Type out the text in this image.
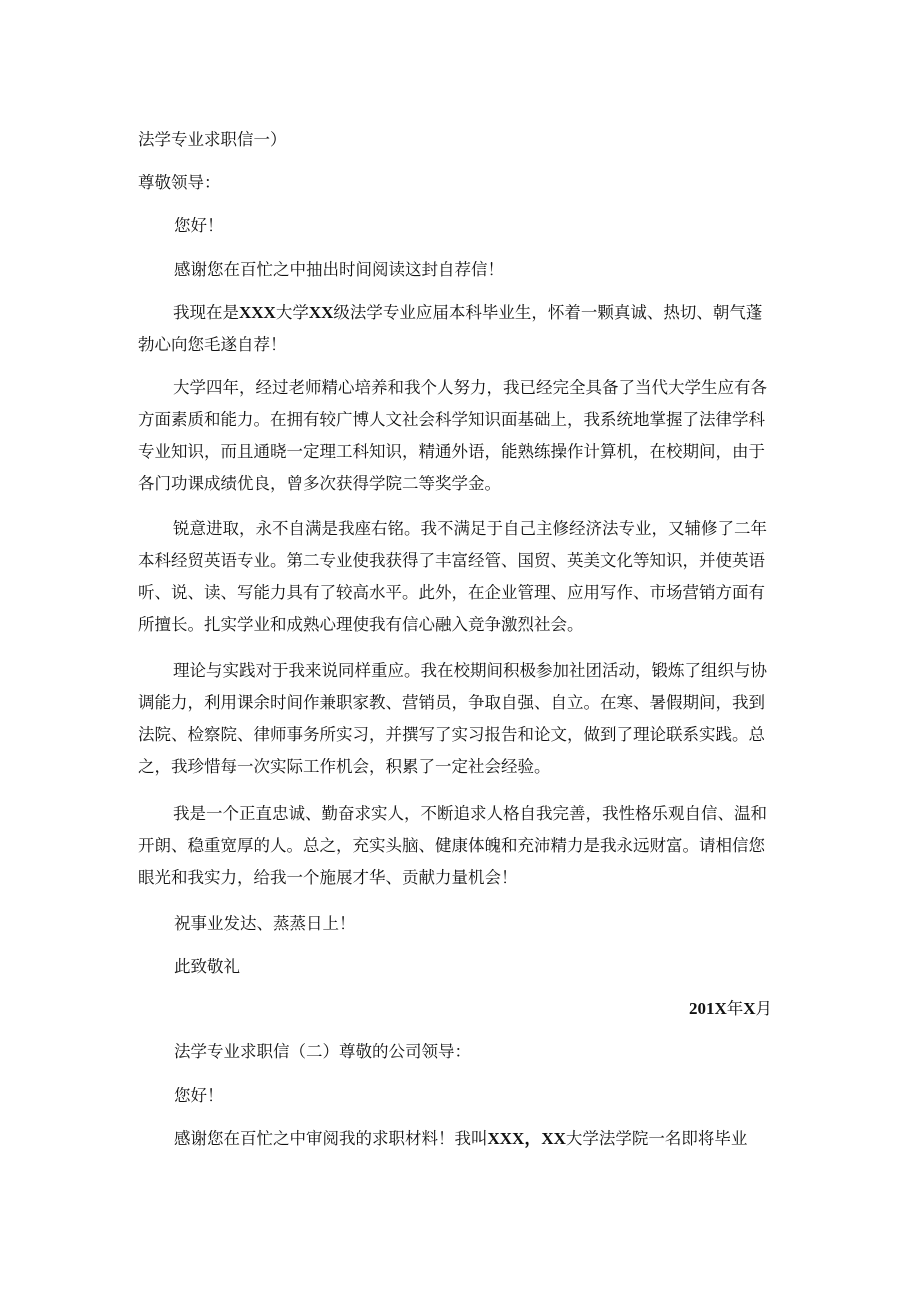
法学专业求职信一）
尊敬领导：
您好！
感谢您在百忙之中抽出时间阅读这封自荐信！
我现在是XXX大学XX级法学专业应届本科毕业生，怀着一颗真诚、热切、朝气蓬勃心向您毛遂自荐！
大学四年，经过老师精心培养和我个人努力，我已经完全具备了当代大学生应有各方面素质和能力。在拥有较广博人文社会科学知识面基础上，我系统地掌握了法律学科专业知识，而且通晓一定理工科知识，精通外语，能熟练操作计算机，在校期间，由于各门功课成绩优良，曾多次获得学院二等奖学金。
锐意进取，永不自满是我座右铭。我不满足于自己主修经济法专业，又辅修了二年本科经贸英语专业。第二专业使我获得了丰富经管、国贸、英美文化等知识，并使英语听、说、读、写能力具有了较高水平。此外，在企业管理、应用写作、市场营销方面有所擅长。扎实学业和成熟心理使我有信心融入竞争激烈社会。
理论与实践对于我来说同样重应。我在校期间积极参加社团活动，锻炼了组织与协调能力，利用课余时间作兼职家教、营销员，争取自强、自立。在寒、暑假期间，我到法院、检察院、律师事务所实习，并撰写了实习报告和论文，做到了理论联系实践。总之，我珍惜每一次实际工作机会，积累了一定社会经验。
我是一个正直忠诚、勤奋求实人，不断追求人格自我完善，我性格乐观自信、温和开朗、稳重宽厚的人。总之，充实头脑、健康体魄和充沛精力是我永远财富。请相信您眼光和我实力，给我一个施展才华、贡献力量机会！
祝事业发达、蒸蒸日上！
此致敬礼
201X年X月
法学专业求职信（二）尊敬的公司领导：
您好！
感谢您在百忙之中审阅我的求职材料！我叫XXX，XX大学法学院一名即将毕业
